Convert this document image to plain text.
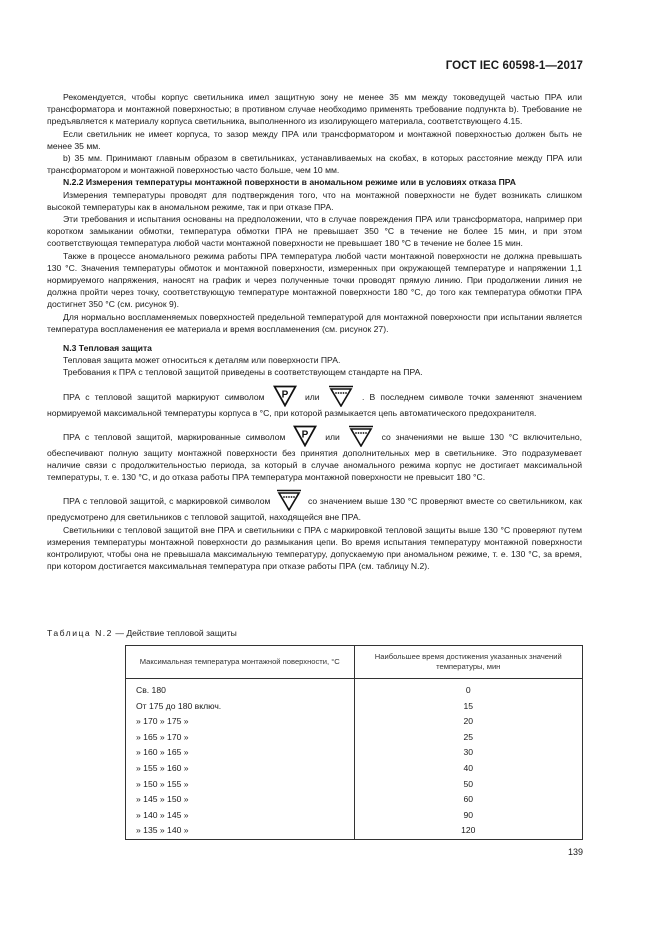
ГОСТ IEC 60598-1—2017

Рекомендуется, чтобы корпус светильника имел защитную зону не менее 35 мм между токоведущей частью ПРА или трансформатора и монтажной поверхностью; в противном случае необходимо применять требование подпункта b). Требование не предъявляется к материалу корпуса светильника, выполненного из изолирующего материала, соответствующего 4.15.

Если светильник не имеет корпуса, то зазор между ПРА или трансформатором и монтажной поверхностью должен быть не менее 35 мм.

b) 35 мм. Принимают главным образом в светильниках, устанавливаемых на скобах, в которых расстояние между ПРА или трансформатором и монтажной поверхностью часто больше, чем 10 мм.

N.2.2 Измерения температуры монтажной поверхности в аномальном режиме или в условиях отказа ПРА

Измерения температуры проводят для подтверждения того, что на монтажной поверхности не будет возникать слишком высокой температуры как в аномальном режиме, так и при отказе ПРА.

Эти требования и испытания основаны на предположении, что в случае повреждения ПРА или трансформатора, например при коротком замыкании обмотки, температура обмотки ПРА не превышает 350 °C в течение не более 15 мин, и при этом соответствующая температура любой части монтажной поверхности не превышает 180 °C в течение не более 15 мин.

Также в процессе аномального режима работы ПРА температура любой части монтажной поверхности не должна превышать 130 °C. Значения температуры обмоток и монтажной поверхности, измеренных при окружающей температуре и напряжении 1,1 нормируемого напряжения, наносят на график и через полученные точки проводят прямую линию. При продолжении линия не должна пройти через точку, соответствующую температуре монтажной поверхности 180 °C, до того как температура обмотки ПРА достигнет 350 °C (см. рисунок 9).

Для нормально воспламеняемых поверхностей предельной температурой для монтажной поверхности при испытании является температура воспламенения ее материала и время воспламенения (см. рисунок 27).

N.3 Тепловая защита

Тепловая защита может относиться к деталям или поверхности ПРА.

Требования к ПРА с тепловой защитой приведены в соответствующем стандарте на ПРА.

ПРА с тепловой защитой маркируют символом P или	. В последнем символе точки заменяют значением нормируемой максимальной температуры корпуса в °C, при которой размыкается цепь автоматического предохранителя.

ПРА с тепловой защитой, маркированные символом P или	со значениями не выше 130 °C включительно, обеспечивают полную защиту монтажной поверхности без принятия дополнительных мер в светильнике. Это подразумевает наличие связи с продолжительностью периода, за который в случае аномального режима корпус не достигает максимальной температуры, т. е. 130 °C, и до отказа работы ПРА температура монтажной поверхности не превысит 180 °C.

ПРА с тепловой защитой, с маркировкой символом	со значением выше 130 °C проверяют вместе со светильником, как предусмотрено для светильников с тепловой защитой, находящейся вне ПРА.

Светильники с тепловой защитой вне ПРА и светильники с ПРА с маркировкой тепловой защиты выше 130 °C проверяют путем измерения температуры монтажной поверхности до размыкания цепи. Во время испытания температуру монтажной поверхности контролируют, чтобы она не превышала максимальную температуру, допускаемую при аномальном режиме, т. е. 130 °C, за время, при котором достигается максимальная температура при отказе работы ПРА (см. таблицу N.2).

Таблица N.2 — Действие тепловой защиты
Максимальная температура монтажной поверхности, °C	Наибольшее время достижения указанных значений температуры, мин
Св. 180	0
От 175 до 180 включ.	15
» 170 » 175 »	20
» 165 » 170 »	25
» 160 » 165 »	30
» 155 » 160 »	40
» 150 » 155 »	50
» 145 » 150 »	60
» 140 » 145 »	90
» 135 » 140 »	120
139
